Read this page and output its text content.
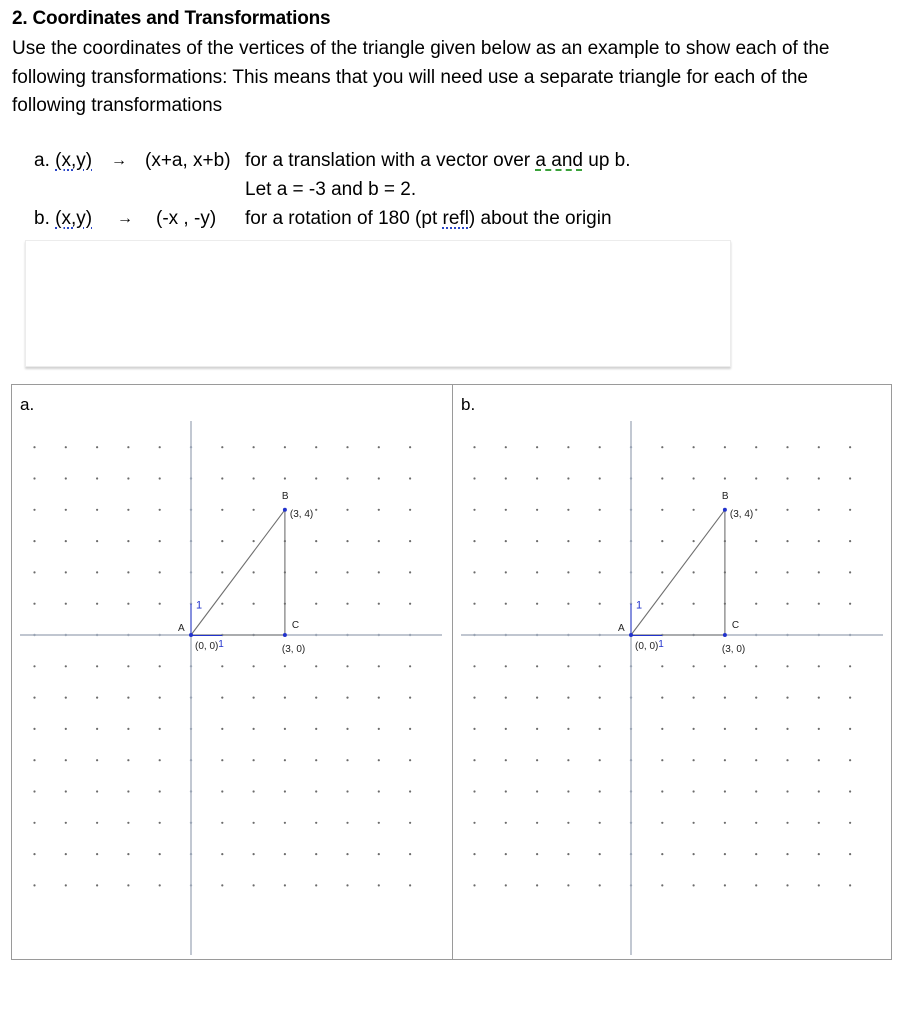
2. Coordinates and Transformations
Use the coordinates of the vertices of the triangle given below as an example to show each of the following transformations: This means that you will need use a separate triangle for each of the following transformations
a. (x,y) → (x+a, x+b) for a translation with a vector over a and up b.
Let a = -3 and b = 2.
b. (x,y) → (-x , -y) for a rotation of 180 (pt refl) about the origin
a.	b.
1
1
A
B
C
(0, 0)
(3, 4)
(3, 0)
1
1
A
B
C
(0, 0)
(3, 4)
(3, 0)
